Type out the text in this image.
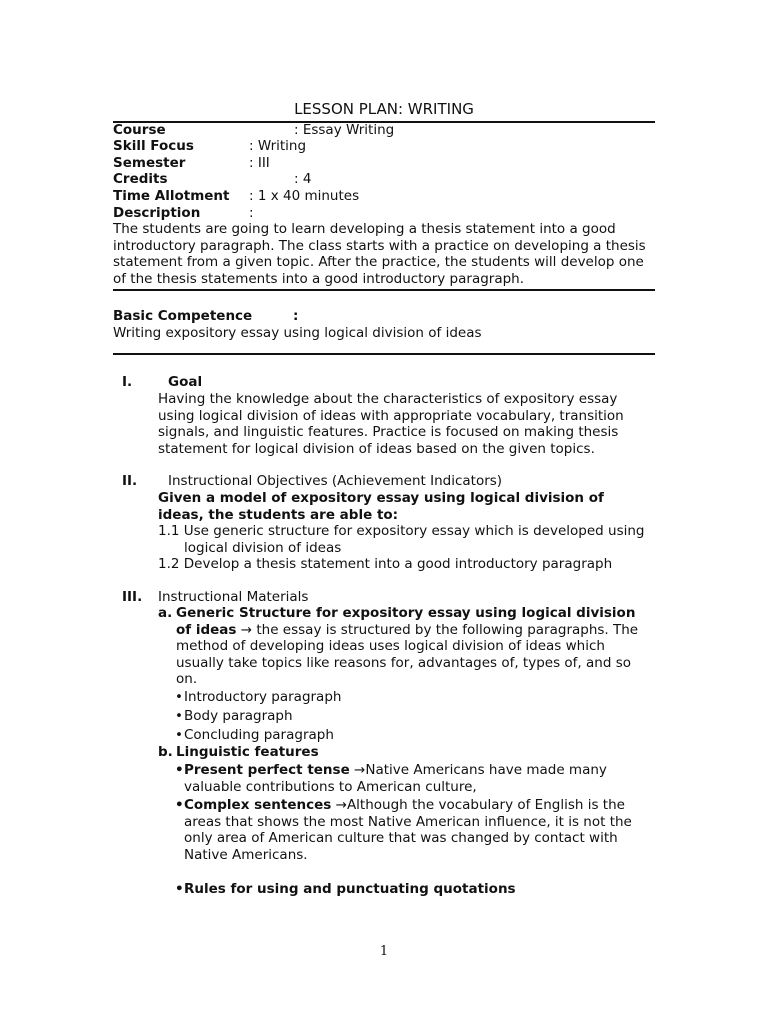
LESSON PLAN: WRITING
Course	: Essay Writing
Skill Focus	: Writing
Semester	: III
Credits	: 4
Time Allotment : 1 x 40 minutes
Description	:
The students are going to learn developing a thesis statement into a good introductory paragraph. The class starts with a practice on developing a thesis statement from a given topic. After the practice, the students will develop one of the thesis statements into a good introductory paragraph.
Basic Competence	:
Writing expository essay using logical division of ideas
I.	Goal
Having the knowledge about the characteristics of expository essay using logical division of ideas with appropriate vocabulary, transition signals, and linguistic features. Practice is focused on making thesis statement for logical division of ideas based on the given topics.
II. Instructional Objectives (Achievement Indicators)
Given a model of expository essay using logical division of ideas, the students are able to:
1.1 Use generic structure for expository essay which is developed using logical division of ideas
1.2 Develop a thesis statement into a good introductory paragraph
III. Instructional Materials
a. Generic Structure for expository essay using logical division of ideas → the essay is structured by the following paragraphs. The method of developing ideas uses logical division of ideas which usually take topics like reasons for, advantages of, types of, and so on.
• Introductory paragraph
• Body paragraph
• Concluding paragraph
b. Linguistic features
• Present perfect tense →Native Americans have made many valuable contributions to American culture,
• Complex sentences →Although the vocabulary of English is the areas that shows the most Native American influence, it is not the only area of American culture that was changed by contact with Native Americans.
• Rules for using and punctuating quotations
1
